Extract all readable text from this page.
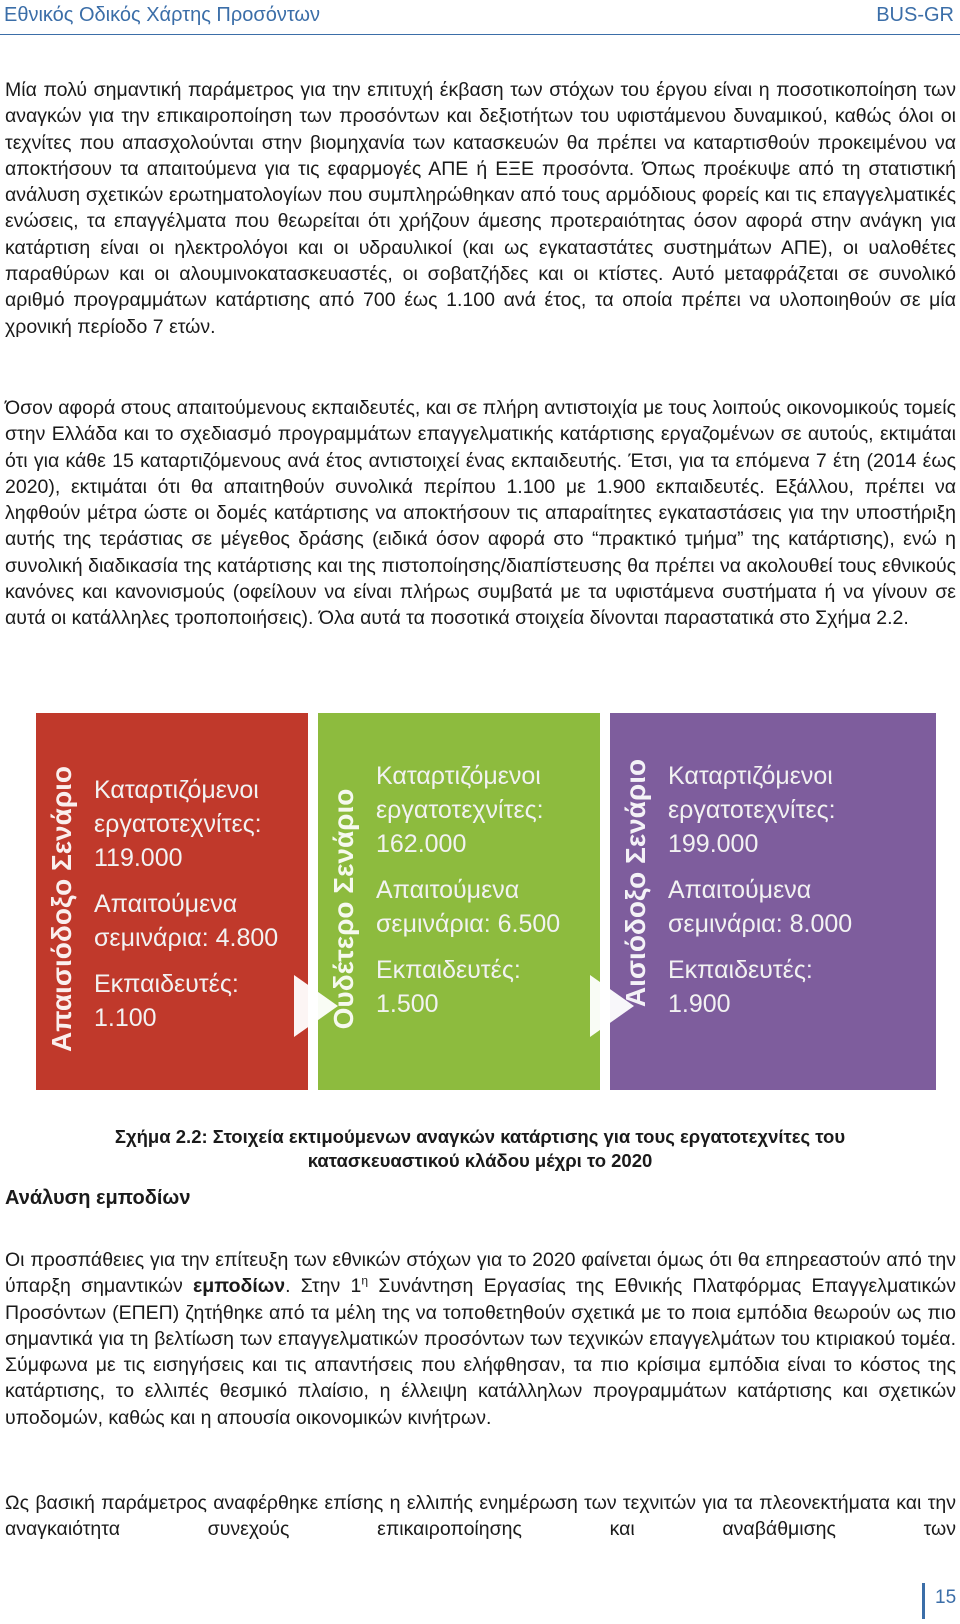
Εθνικός Οδικός Χάρτης Προσόντων	BUS-GR

Μία πολύ σημαντική παράμετρος για την επιτυχή έκβαση των στόχων του έργου είναι η ποσοτικοποίηση των αναγκών για την επικαιροποίηση των προσόντων και δεξιοτήτων του υφιστάμενου δυναμικού, καθώς όλοι οι τεχνίτες που απασχολούνται στην βιομηχανία των κατασκευών θα πρέπει να καταρτισθούν προκειμένου να αποκτήσουν τα απαιτούμενα για τις εφαρμογές ΑΠΕ ή ΕΞΕ προσόντα. Όπως προέκυψε από τη στατιστική ανάλυση σχετικών ερωτηματολογίων που συμπληρώθηκαν από τους αρμόδιους φορείς και τις επαγγελματικές ενώσεις, τα επαγγέλματα που θεωρείται ότι χρήζουν άμεσης προτεραιότητας όσον αφορά στην ανάγκη για κατάρτιση είναι οι ηλεκτρολόγοι και οι υδραυλικοί (και ως εγκαταστάτες συστημάτων ΑΠΕ), οι υαλοθέτες παραθύρων και οι αλουμινοκατασκευαστές, οι σοβατζήδες και οι κτίστες. Αυτό μεταφράζεται σε συνολικό αριθμό προγραμμάτων κατάρτισης από 700 έως 1.100 ανά έτος, τα οποία πρέπει να υλοποιηθούν σε μία χρονική περίοδο 7 ετών.

Όσον αφορά στους απαιτούμενους εκπαιδευτές, και σε πλήρη αντιστοιχία με τους λοιπούς οικονομικούς τομείς στην Ελλάδα και το σχεδιασμό προγραμμάτων επαγγελματικής κατάρτισης εργαζομένων σε αυτούς, εκτιμάται ότι για κάθε 15 καταρτιζόμενους ανά έτος αντιστοιχεί ένας εκπαιδευτής. Έτσι, για τα επόμενα 7 έτη (2014 έως 2020), εκτιμάται ότι θα απαιτηθούν συνολικά περίπου 1.100 με 1.900 εκπαιδευτές. Εξάλλου, πρέπει να ληφθούν μέτρα ώστε οι δομές κατάρτισης να αποκτήσουν τις απαραίτητες εγκαταστάσεις για την υποστήριξη αυτής της τεράστιας σε μέγεθος δράσης (ειδικά όσον αφορά στο “πρακτικό τμήμα” της κατάρτισης), ενώ η συνολική διαδικασία της κατάρτισης και της πιστοποίησης/διαπίστευσης θα πρέπει να ακολουθεί τους εθνικούς κανόνες και κανονισμούς (οφείλουν να είναι πλήρως συμβατά με τα υφιστάμενα συστήματα ή να γίνουν σε αυτά οι κατάλληλες τροποποιήσεις). Όλα αυτά τα ποσοτικά στοιχεία δίνονται παραστατικά στο Σχήμα 2.2.

Απαισιόδοξο Σενάριο Καταρτιζόμενοι
εργατοτεχνίτες:
119.000
Απαιτούμενα
σεμινάρια: 4.800
Εκπαιδευτές:
1.100	Ουδέτερο Σενάριο
Καταρτιζόμενοι
εργατοτεχνίτες:
162.000
Απαιτούμενα
σεμινάρια: 6.500
Εκπαιδευτές:
1.500	Αισιόδοξο Σενάριο Καταρτιζόμενοι
εργατοτεχνίτες:
199.000
Απαιτούμενα
σεμινάρια: 8.000
Εκπαιδευτές:
1.900
Σχήμα 2.2: Στοιχεία εκτιμούμενων αναγκών κατάρτισης για τους εργατοτεχνίτες του
κατασκευαστικού κλάδου μέχρι το 2020
Ανάλυση εμποδίων

Οι προσπάθειες για την επίτευξη των εθνικών στόχων για το 2020 φαίνεται όμως ότι θα επηρεαστούν από την ύπαρξη σημαντικών εμποδίων. Στην $1^\eta$ Συνάντηση Εργασίας της Εθνικής Πλατφόρμας Επαγγελματικών Προσόντων (ΕΠΕΠ) ζητήθηκε από τα μέλη της να τοποθετηθούν σχετικά με το ποια εμπόδια θεωρούν ως πιο σημαντικά για τη βελτίωση των επαγγελματικών προσόντων των τεχνικών επαγγελμάτων του κτιριακού τομέα. Σύμφωνα με τις εισηγήσεις και τις απαντήσεις που ελήφθησαν, τα πιο κρίσιμα εμπόδια είναι το κόστος της κατάρτισης, το ελλιπές θεσμικό πλαίσιο, η έλλειψη κατάλληλων προγραμμάτων κατάρτισης και σχετικών υποδομών, καθώς και η απουσία οικονομικών κινήτρων.

Ως βασική παράμετρος αναφέρθηκε επίσης η ελλιπής ενημέρωση των τεχνιτών για τα πλεονεκτήματα και την αναγκαιότητα συνεχούς επικαιροποίησης και αναβάθμισης των

15
